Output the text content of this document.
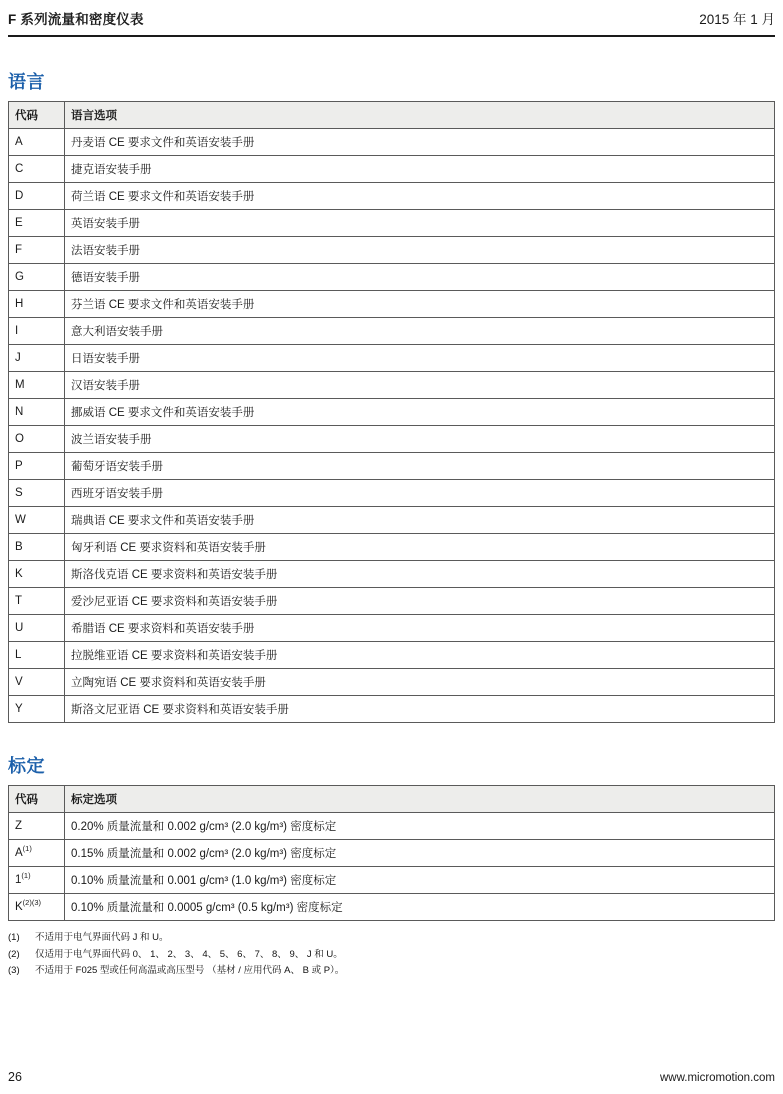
F 系列流量和密度仪表	2015 年 1 月
语言
代码	语言选项
A	丹麦语 CE 要求文件和英语安装手册
C	捷克语安装手册
D	荷兰语 CE 要求文件和英语安装手册
E	英语安装手册
F	法语安装手册
G	德语安装手册
H	芬兰语 CE 要求文件和英语安装手册
I	意大利语安装手册
J	日语安装手册
M	汉语安装手册
N	挪威语 CE 要求文件和英语安装手册
O	波兰语安装手册
P	葡萄牙语安装手册
S	西班牙语安装手册
W	瑞典语 CE 要求文件和英语安装手册
B	匈牙利语 CE 要求资料和英语安装手册
K	斯洛伐克语 CE 要求资料和英语安装手册
T	爱沙尼亚语 CE 要求资料和英语安装手册
U	希腊语 CE 要求资料和英语安装手册
L	拉脱维亚语 CE 要求资料和英语安装手册
V	立陶宛语 CE 要求资料和英语安装手册
Y	斯洛文尼亚语 CE 要求资料和英语安装手册
标定
代码	标定选项
Z	0.20% 质量流量和 0.002 g/cm³ (2.0 kg/m³) 密度标定
$A^{(1)}$	0.15% 质量流量和 0.002 g/cm³ (2.0 kg/m³) 密度标定
1$^{(1)}$	0.10% 质量流量和 0.001 g/cm³ (1.0 kg/m³) 密度标定
$K^{(2)(3)}$	0.10% 质量流量和 0.0005 g/cm³ (0.5 kg/m³) 密度标定
(1)	不适用于电气界面代码 J 和 U。
(2)	仅适用于电气界面代码 0、 1、 2、 3、 4、 5、 6、 7、 8、 9、 J 和 U。
(3)	不适用于 F025 型或任何高温或高压型号 （基材 / 应用代码 A、 B 或 P）。
26	www.micromotion.com
